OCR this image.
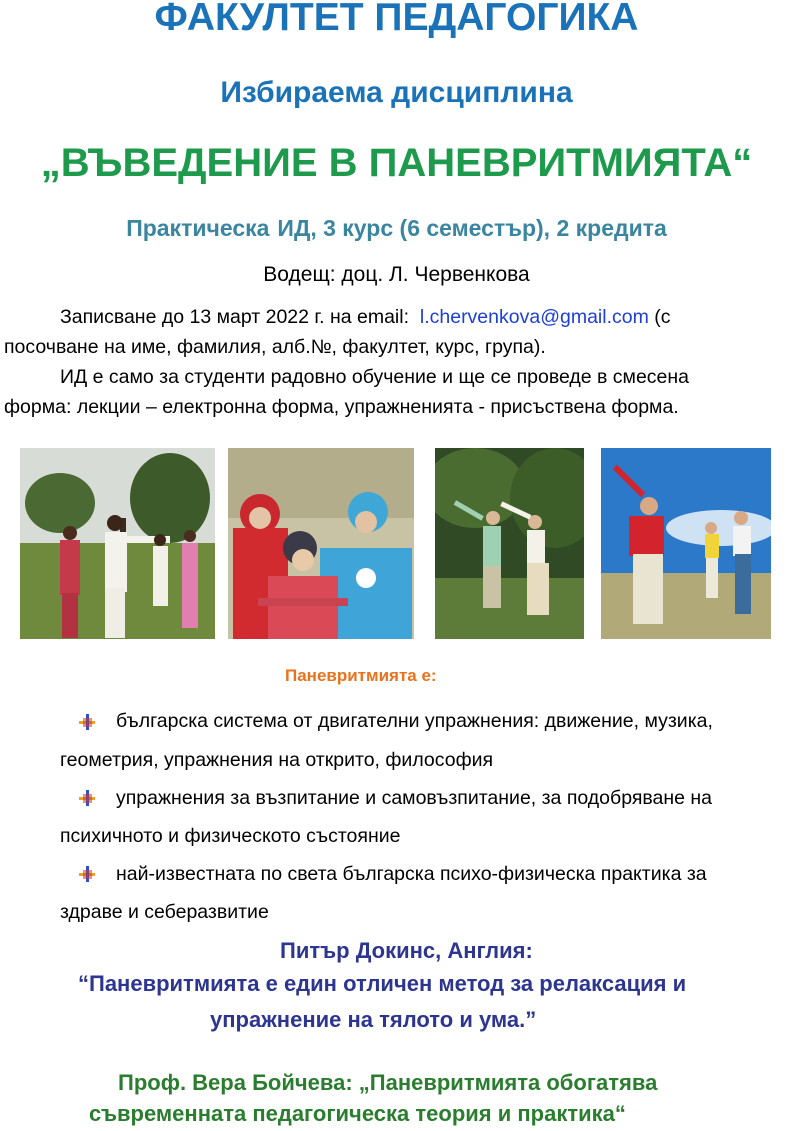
ФАКУЛТЕТ ПЕДАГОГИКА
Избираема дисциплина
„ВЪВЕДЕНИЕ В ПАНЕВРИТМИЯТА“
Практическа ИД, 3 курс (6 семестър), 2 кредита
Водещ: доц. Л. Червенкова
Записване до 13 март 2022 г. на email: l.chervenkova@gmail.com (с
посочване на име, фамилия, алб.№, факултет, курс, група).
ИД е само за студенти радовно обучение и ще се проведе в смесена
форма: лекции – електронна форма, упражненията - присъствена форма.
Паневритмията е:
българска система от двигателни упражнения: движение, музика,
геометрия, упражнения на открито, философия
упражнения за възпитание и самовъзпитание, за подобряване на
психичното и физическото състояние
най-известната по света българска психо-физическа практика за
здраве и себеразвитие
Питър Докинс, Англия:
“Паневритмията е един отличен метод за релаксация и
упражнение на тялото и ума.”
Проф. Вера Бойчева: „Паневритмията обогатява
съвременната педагогическа теория и практика“
